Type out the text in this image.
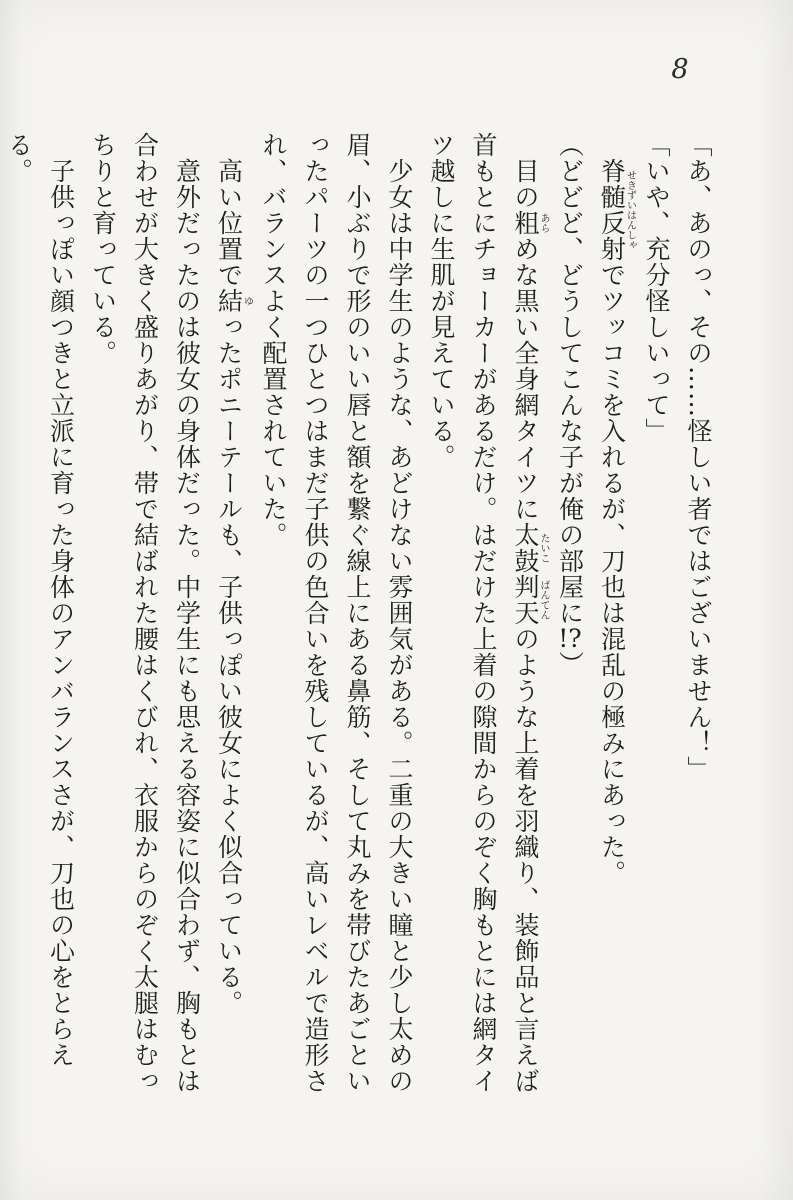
8

「あ、あのっ、その……怪しい者ではございません！」

「いや、充分怪しいって」

脊髄反射せきずいはんしゃでツッコミを入れるが、刀也は混乱の極みにあった。

（どどど、どうしてこんな子が俺の部屋に!?）

目の粗あらめな黒い全身網タイツに太鼓たいこ判天ばんてんのような上着を羽織り、装飾品と言えば首もとにチョーカーがあるだけ。はだけた上着の隙間からのぞく胸もとには網タイツ越しに生肌が見えている。

少女は中学生のような、あどけない雰囲気がある。二重の大きい瞳と少し太めの眉、小ぶりで形のいい唇と額を繋ぐ線上にある鼻筋、そして丸みを帯びたあごといったパーツの一つひとつはまだ子供の色合いを残しているが、高いレベルで造形され、バランスよく配置されていた。

高い位置で結ゆったポニーテールも、子供っぽい彼女によく似合っている。

意外だったのは彼女の身体だった。中学生にも思える容姿に似合わず、胸もとは合わせが大きく盛りあがり、帯で結ばれた腰はくびれ、衣服からのぞく太腿はむっちりと育っている。

子供っぽい顔つきと立派に育った身体のアンバランスさが、刀也の心をとらえる。
